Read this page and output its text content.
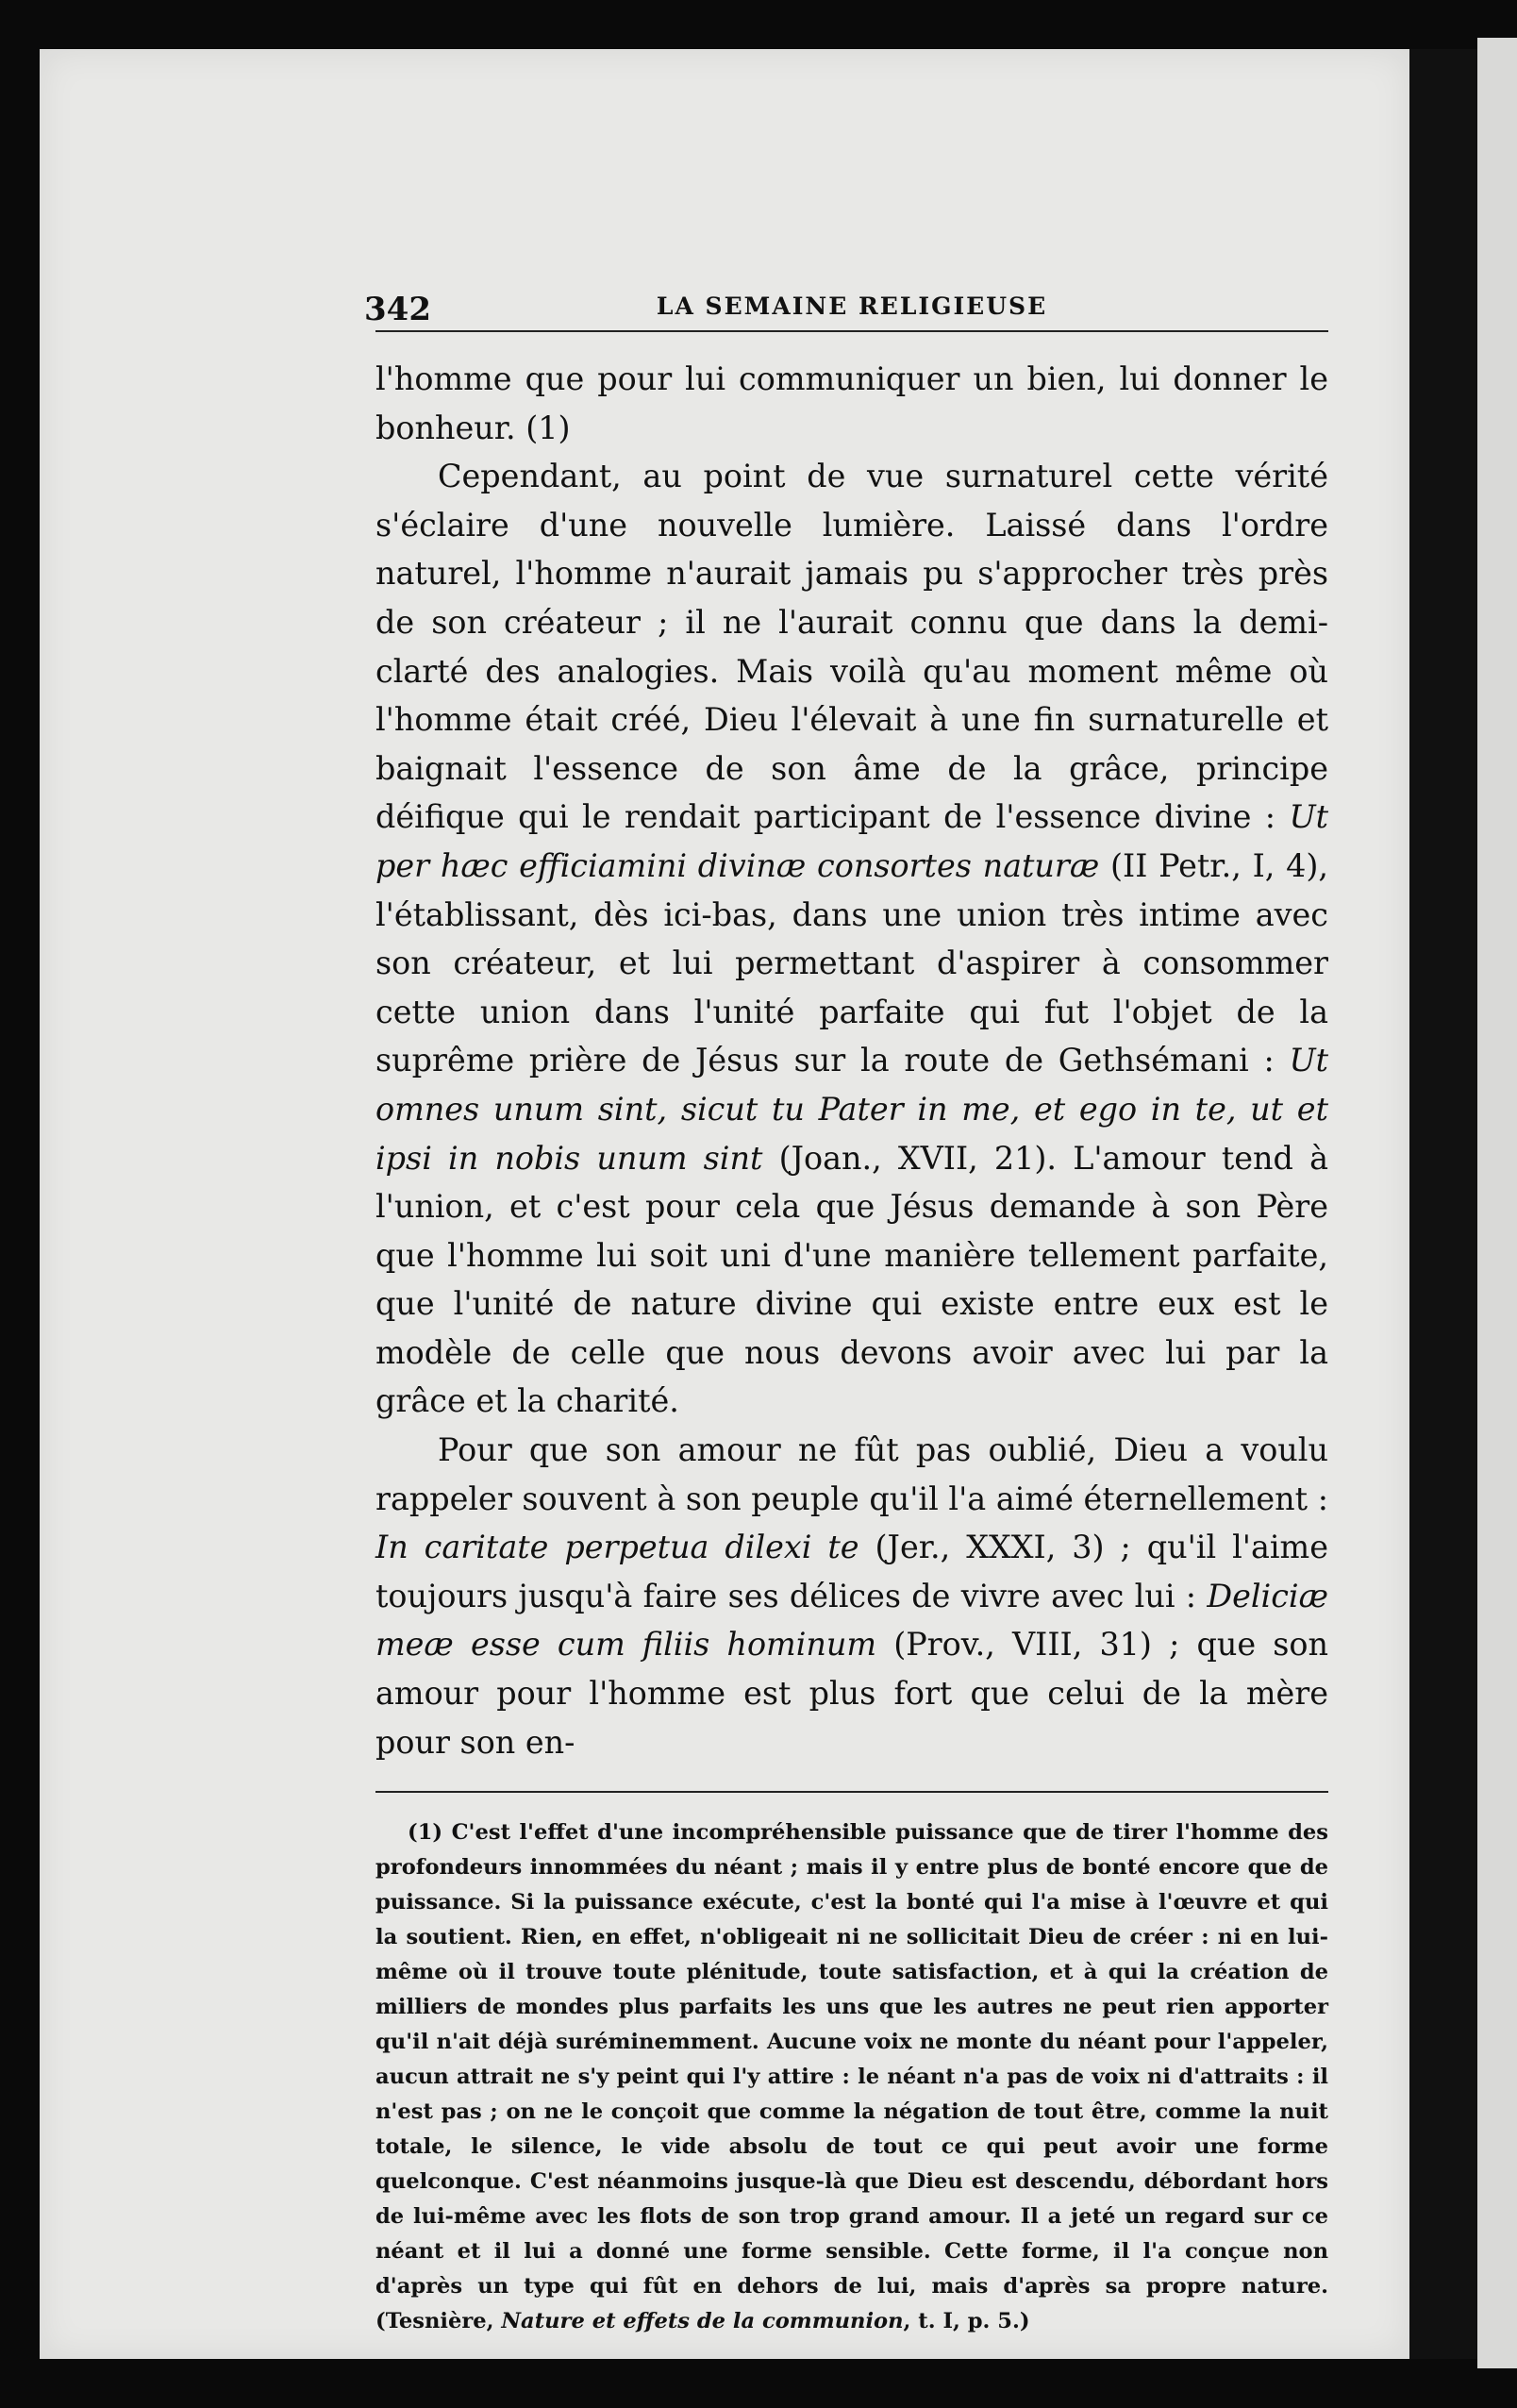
342	LA SEMAINE RELIGIEUSE

l'homme que pour lui communiquer un bien, lui donner le bonheur. (1)

Cependant, au point de vue surnaturel cette vérité s'éclaire d'une nouvelle lumière. Laissé dans l'ordre naturel, l'homme n'aurait jamais pu s'approcher très près de son créateur ; il ne l'aurait connu que dans la demi-clarté des analogies. Mais voilà qu'au moment même où l'homme était créé, Dieu l'élevait à une fin surnaturelle et baignait l'essence de son âme de la grâce, principe déifique qui le rendait participant de l'essence divine : Ut per hæc efficiamini divinæ consortes naturæ (II Petr., I, 4), l'établissant, dès ici-bas, dans une union très intime avec son créateur, et lui permettant d'aspirer à consommer cette union dans l'unité parfaite qui fut l'objet de la suprême prière de Jésus sur la route de Gethsémani : Ut omnes unum sint, sicut tu Pater in me, et ego in te, ut et ipsi in nobis unum sint (Joan., XVII, 21). L'amour tend à l'union, et c'est pour cela que Jésus demande à son Père que l'homme lui soit uni d'une manière tellement parfaite, que l'unité de nature divine qui existe entre eux est le modèle de celle que nous devons avoir avec lui par la grâce et la charité.

Pour que son amour ne fût pas oublié, Dieu a voulu rappeler souvent à son peuple qu'il l'a aimé éternellement : In caritate perpetua dilexi te (Jer., XXXI, 3) ; qu'il l'aime toujours jusqu'à faire ses délices de vivre avec lui : Deliciæ meæ esse cum filiis hominum (Prov., VIII, 31) ; que son amour pour l'homme est plus fort que celui de la mère pour son en-

(1) C'est l'effet d'une incompréhensible puissance que de tirer l'homme des profondeurs innommées du néant ; mais il y entre plus de bonté encore que de puissance. Si la puissance exécute, c'est la bonté qui l'a mise à l'œuvre et qui la soutient. Rien, en effet, n'obligeait ni ne sollicitait Dieu de créer : ni en lui-même où il trouve toute plénitude, toute satisfaction, et à qui la création de milliers de mondes plus parfaits les uns que les autres ne peut rien apporter qu'il n'ait déjà suréminemment. Aucune voix ne monte du néant pour l'appeler, aucun attrait ne s'y peint qui l'y attire : le néant n'a pas de voix ni d'attraits : il n'est pas ; on ne le conçoit que comme la négation de tout être, comme la nuit totale, le silence, le vide absolu de tout ce qui peut avoir une forme quelconque. C'est néanmoins jusque-là que Dieu est descendu, débordant hors de lui-même avec les flots de son trop grand amour. Il a jeté un regard sur ce néant et il lui a donné une forme sensible. Cette forme, il l'a conçue non d'après un type qui fût en dehors de lui, mais d'après sa propre nature. (Tesnière, Nature et effets de la communion, t. I, p. 5.)
